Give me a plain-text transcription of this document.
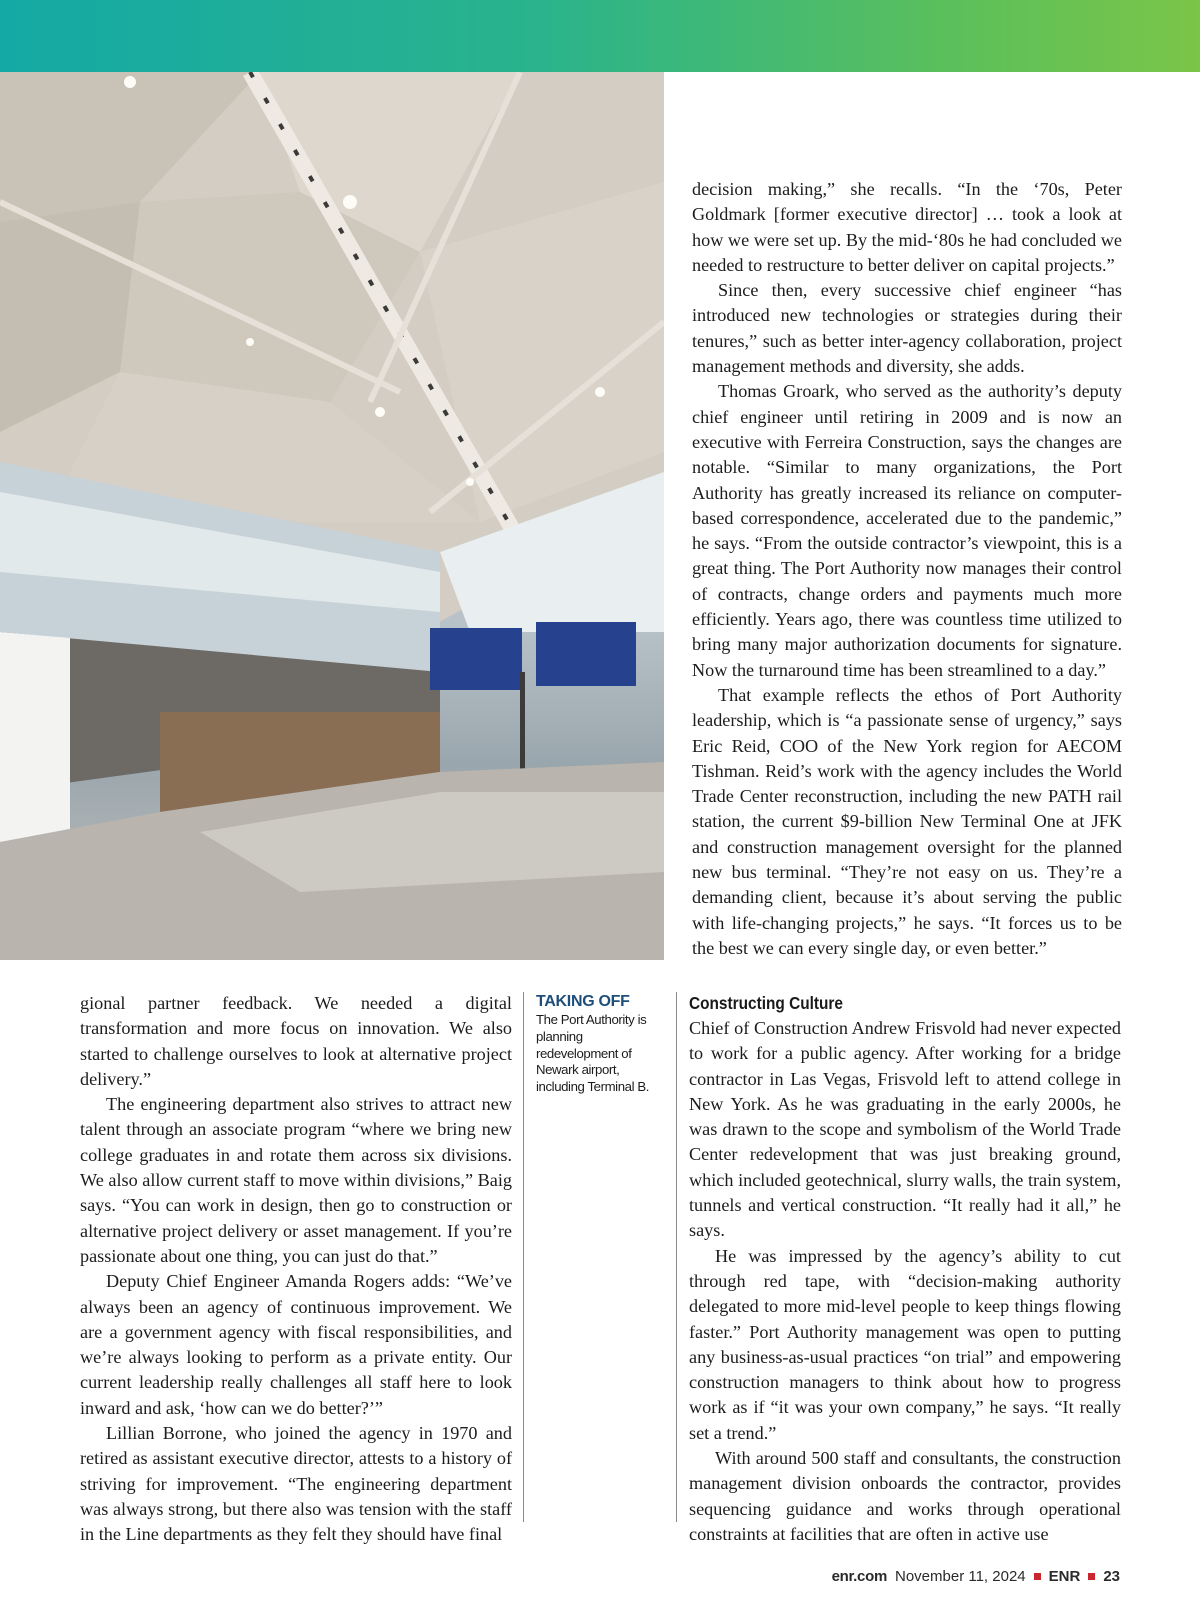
decision making,” she recalls. “In the ‘70s, Peter Goldmark [former executive director] … took a look at how we were set up. By the mid-‘80s he had concluded we needed to restructure to better deliver on capital projects.”

Since then, every successive chief engineer “has introduced new technologies or strategies during their tenures,” such as better inter-agency collaboration, project management methods and diversity, she adds.

Thomas Groark, who served as the authority’s deputy chief engineer until retiring in 2009 and is now an executive with Ferreira Construction, says the changes are notable. “Similar to many organizations, the Port Authority has greatly increased its reliance on computer-based correspondence, accelerated due to the pandemic,” he says. “From the outside contractor’s viewpoint, this is a great thing. The Port Authority now manages their control of contracts, change orders and payments much more efficiently. Years ago, there was countless time utilized to bring many major authorization documents for signature. Now the turnaround time has been streamlined to a day.”

That example reflects the ethos of Port Authority leadership, which is “a passionate sense of urgency,” says Eric Reid, COO of the New York region for AECOM Tishman. Reid’s work with the agency includes the World Trade Center reconstruction, including the new PATH rail station, the current $9-billion New Terminal One at JFK and construction management oversight for the planned new bus terminal. “They’re not easy on us. They’re a demanding client, because it’s about serving the public with life-changing projects,” he says. “It forces us to be the best we can every single day, or even better.”

gional partner feedback. We needed a digital transformation and more focus on innovation. We also started to challenge ourselves to look at alternative project delivery.”

The engineering department also strives to attract new talent through an associate program “where we bring new college graduates in and rotate them across six divisions. We also allow current staff to move within divisions,” Baig says. “You can work in design, then go to construction or alternative project delivery or asset management. If you’re passionate about one thing, you can just do that.”

Deputy Chief Engineer Amanda Rogers adds: “We’ve always been an agency of continuous improvement. We are a government agency with fiscal responsibilities, and we’re always looking to perform as a private entity. Our current leadership really challenges all staff here to look inward and ask, ‘how can we do better?’”

Lillian Borrone, who joined the agency in 1970 and retired as assistant executive director, attests to a history of striving for improvement. “The engineering department was always strong, but there also was tension with the staff in the Line departments as they felt they should have final

TAKING OFF
The Port Authority is planning redevelopment of Newark airport, including Terminal B.
Constructing Culture

Chief of Construction Andrew Frisvold had never expected to work for a public agency. After working for a bridge contractor in Las Vegas, Frisvold left to attend college in New York. As he was graduating in the early 2000s, he was drawn to the scope and symbolism of the World Trade Center redevelopment that was just breaking ground, which included geotechnical, slurry walls, the train system, tunnels and vertical construction. “It really had it all,” he says.

He was impressed by the agency’s ability to cut through red tape, with “decision-making authority delegated to more mid-level people to keep things flowing faster.” Port Authority management was open to putting any business-as-usual practices “on trial” and empowering construction managers to think about how to progress work as if “it was your own company,” he says. “It really set a trend.”

With around 500 staff and consultants, the construction management division onboards the contractor, provides sequencing guidance and works through operational constraints at facilities that are often in active use

enr.com November 11, 2024 ENR 23
